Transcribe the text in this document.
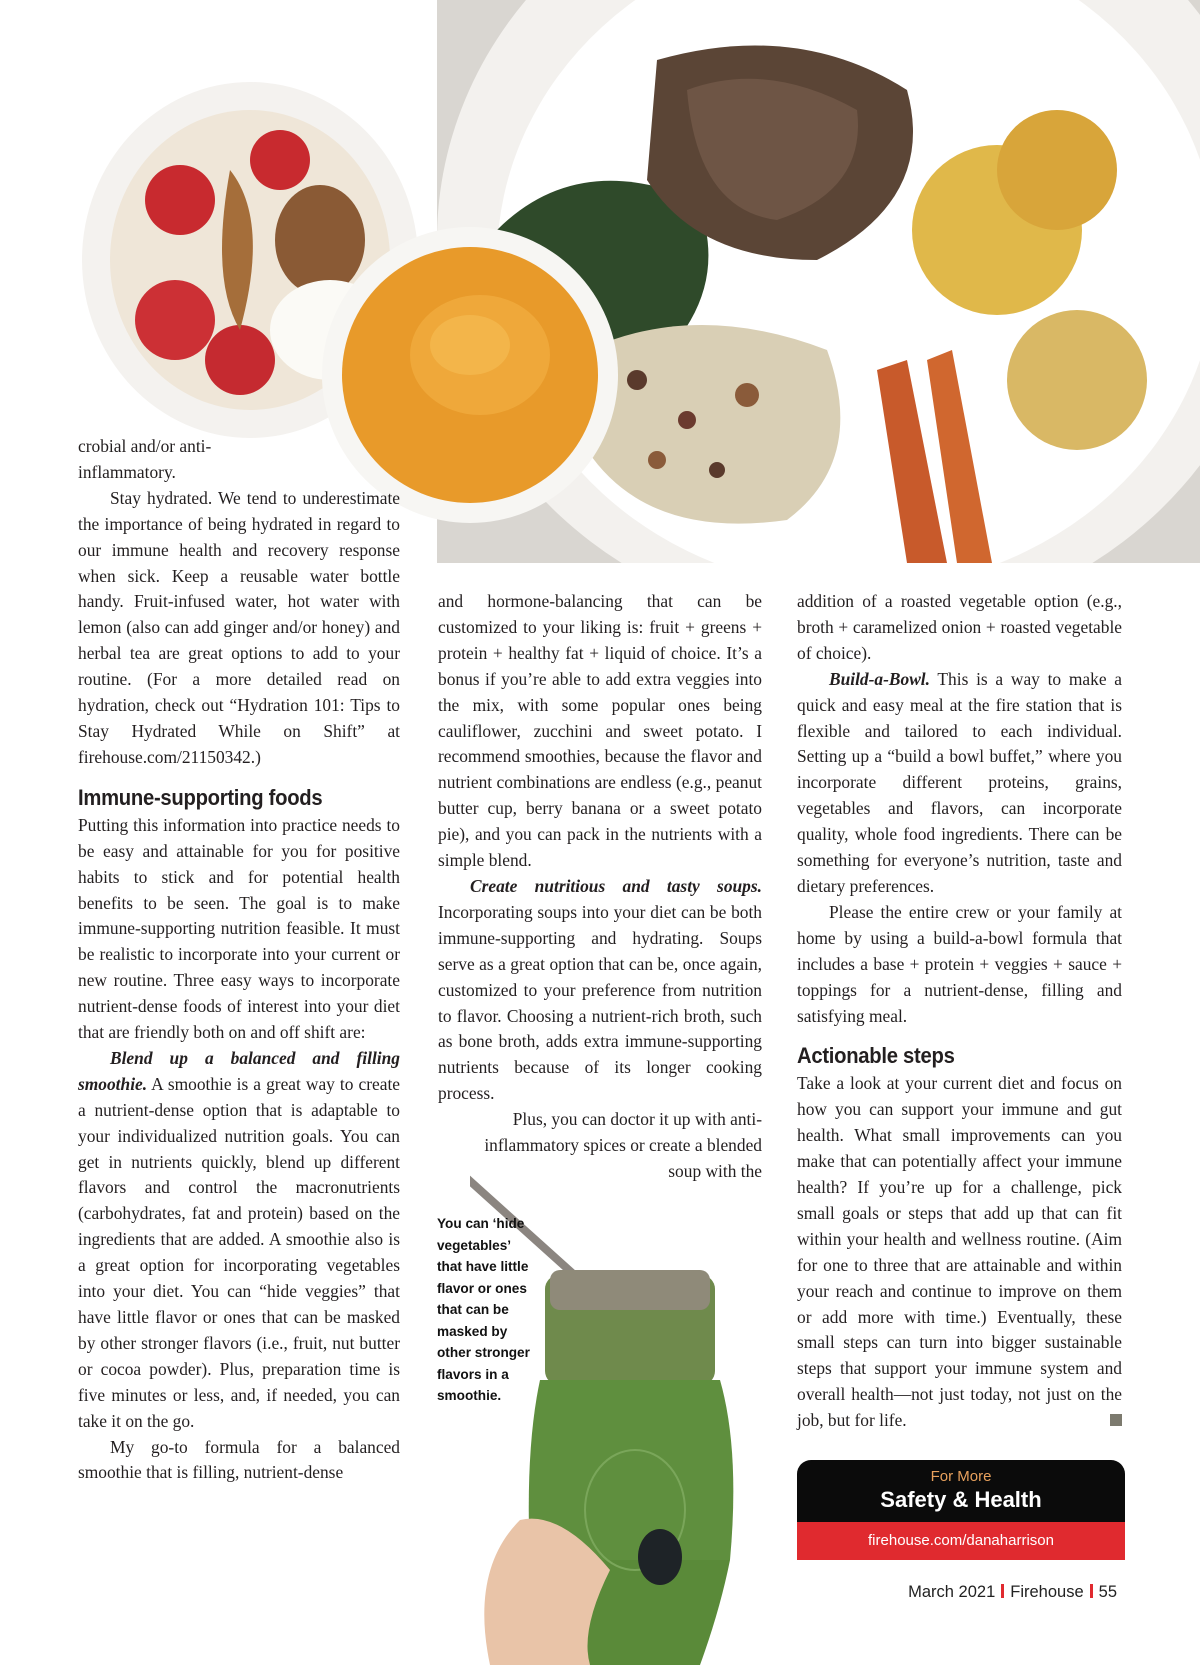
crobial and/or anti-inflammatory.

Stay hydrated. We tend to underestimate the importance of being hydrated in regard to our immune health and recovery response when sick. Keep a reusable water bottle handy. Fruit-infused water, hot water with lemon (also can add ginger and/or honey) and herbal tea are great options to add to your routine. (For a more detailed read on hydration, check out “Hydration 101: Tips to Stay Hydrated While on Shift” at firehouse.com/21150342.)

Immune-supporting foods

Putting this information into practice needs to be easy and attainable for you for positive habits to stick and for potential health benefits to be seen. The goal is to make immune-supporting nutrition feasible. It must be realistic to incorporate into your current or new routine. Three easy ways to incorporate nutrient-dense foods of interest into your diet that are friendly both on and off shift are:

Blend up a balanced and filling smoothie. A smoothie is a great way to create a nutrient-dense option that is adaptable to your individualized nutrition goals. You can get in nutrients quickly, blend up different flavors and control the macronutrients (carbohydrates, fat and protein) based on the ingredients that are added. A smoothie also is a great option for incorporating vegetables into your diet. You can “hide veggies” that have little flavor or ones that can be masked by other stronger flavors (i.e., fruit, nut butter or cocoa powder). Plus, preparation time is five minutes or less, and, if needed, you can take it on the go.

My go-to formula for a balanced smoothie that is filling, nutrient-dense

and hormone-balancing that can be customized to your liking is: fruit + greens + protein + healthy fat + liquid of choice. It’s a bonus if you’re able to add extra veggies into the mix, with some popular ones being cauliflower, zucchini and sweet potato. I recommend smoothies, because the flavor and nutrient combinations are endless (e.g., peanut butter cup, berry banana or a sweet potato pie), and you can pack in the nutrients with a simple blend.

Create nutritious and tasty soups. Incorporating soups into your diet can be both immune-supporting and hydrating. Soups serve as a great option that can be, once again, customized to your preference from nutrition to flavor. Choosing a nutrient-rich broth, such as bone broth, adds extra immune-supporting nutrients because of its longer cooking process.

Plus, you can doctor it up with anti-inflammatory spices or create a blended soup with the

You can ‘hide vegetables’ that have little flavor or ones that can be masked by other stronger flavors in a smoothie.

addition of a roasted vegetable option (e.g., broth + caramelized onion + roasted vegetable of choice).

Build-a-Bowl. This is a way to make a quick and easy meal at the fire station that is flexible and tailored to each individual. Setting up a “build a bowl buffet,” where you incorporate different proteins, grains, vegetables and flavors, can incorporate quality, whole food ingredients. There can be something for everyone’s nutrition, taste and dietary preferences.

Please the entire crew or your family at home by using a build-a-bowl formula that includes a base + protein + veggies + sauce + toppings for a nutrient-dense, filling and satisfying meal.

Actionable steps

Take a look at your current diet and focus on how you can support your immune and gut health. What small improvements can you make that can potentially affect your immune health? If you’re up for a challenge, pick small goals or steps that add up that can fit within your health and wellness routine. (Aim for one to three that are attainable and within your reach and continue to improve on them or add more with time.) Eventually, these small steps can turn into bigger sustainable steps that support your immune system and overall health—not just today, not just on the job, but for life.

For More
Safety & Health
firehouse.com/danaharrison
March 2021 Firehouse 55
